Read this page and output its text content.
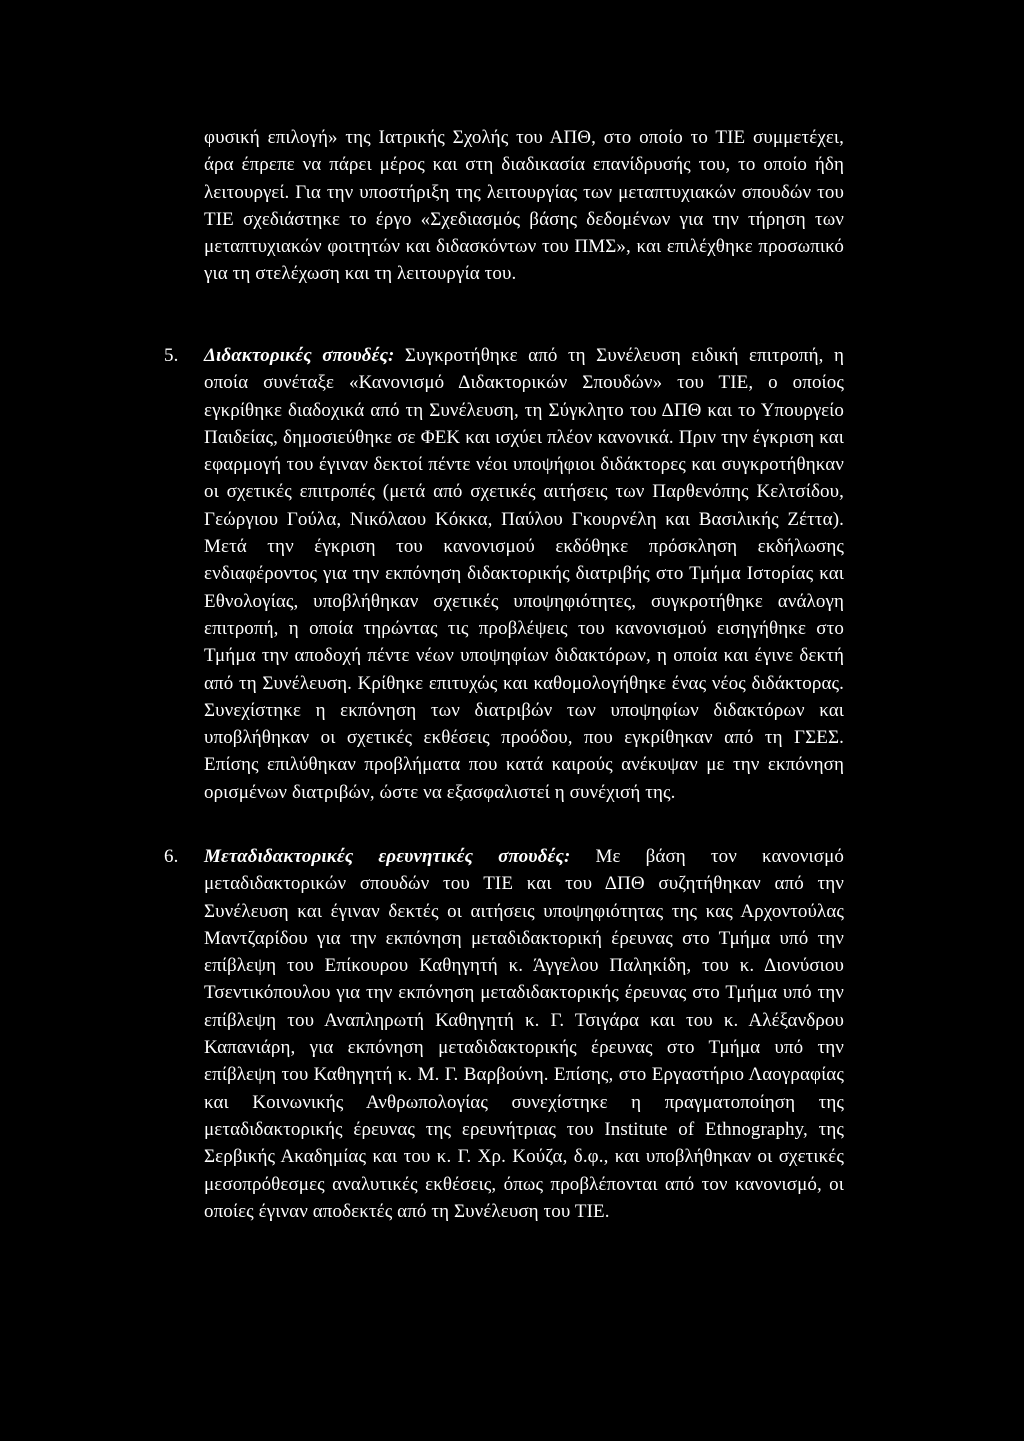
φυσική επιλογή» της Ιατρικής Σχολής του ΑΠΘ, στο οποίο το ΤΙΕ συμμετέχει, άρα έπρεπε να πάρει μέρος και στη διαδικασία επανίδρυσής του, το οποίο ήδη λειτουργεί. Για την υποστήριξη της λειτουργίας των μεταπτυχιακών σπουδών του ΤΙΕ σχεδιάστηκε το έργο «Σχεδιασμός βάσης δεδομένων για την τήρηση των μεταπτυχιακών φοιτητών και διδασκόντων του ΠΜΣ», και επιλέχθηκε προσωπικό για τη στελέχωση και τη λειτουργία του.

5.	Διδακτορικές σπουδές: Συγκροτήθηκε από τη Συνέλευση ειδική επιτροπή, η οποία συνέταξε «Κανονισμό Διδακτορικών Σπουδών» του ΤΙΕ, ο οποίος εγκρίθηκε διαδοχικά από τη Συνέλευση, τη Σύγκλητο του ΔΠΘ και το Υπουργείο Παιδείας, δημοσιεύθηκε σε ΦΕΚ και ισχύει πλέον κανονικά. Πριν την έγκριση και εφαρμογή του έγιναν δεκτοί πέντε νέοι υποψήφιοι διδάκτορες και συγκροτήθηκαν οι σχετικές επιτροπές (μετά από σχετικές αιτήσεις των Παρθενόπης Κελτσίδου, Γεώργιου Γούλα, Νικόλαου Κόκκα, Παύλου Γκουρνέλη και Βασιλικής Ζέττα). Μετά την έγκριση του κανονισμού εκδόθηκε πρόσκληση εκδήλωσης ενδιαφέροντος για την εκπόνηση διδακτορικής διατριβής στο Τμήμα Ιστορίας και Εθνολογίας, υποβλήθηκαν σχετικές υποψηφιότητες, συγκροτήθηκε ανάλογη επιτροπή, η οποία τηρώντας τις προβλέψεις του κανονισμού εισηγήθηκε στο Τμήμα την αποδοχή πέντε νέων υποψηφίων διδακτόρων, η οποία και έγινε δεκτή από τη Συνέλευση. Κρίθηκε επιτυχώς και καθομολογήθηκε ένας νέος διδάκτορας. Συνεχίστηκε η εκπόνηση των διατριβών των υποψηφίων διδακτόρων και υποβλήθηκαν οι σχετικές εκθέσεις προόδου, που εγκρίθηκαν από τη ΓΣΕΣ. Επίσης επιλύθηκαν προβλήματα που κατά καιρούς ανέκυψαν με την εκπόνηση ορισμένων διατριβών, ώστε να εξασφαλιστεί η συνέχισή της.

6.	Μεταδιδακτορικές ερευνητικές σπουδές: Με βάση τον κανονισμό μεταδιδακτορικών σπουδών του ΤΙΕ και του ΔΠΘ συζητήθηκαν από την Συνέλευση και έγιναν δεκτές οι αιτήσεις υποψηφιότητας της κας Αρχοντούλας Μαντζαρίδου για την εκπόνηση μεταδιδακτορική έρευνας στο Τμήμα υπό την επίβλεψη του Επίκουρου Καθηγητή κ. Άγγελου Παληκίδη, του κ. Διονύσιου Τσεντικόπουλου για την εκπόνηση μεταδιδακτορικής έρευνας στο Τμήμα υπό την επίβλεψη του Αναπληρωτή Καθηγητή κ. Γ. Τσιγάρα και του κ. Αλέξανδρου Καπανιάρη, για εκπόνηση μεταδιδακτορικής έρευνας στο Τμήμα υπό την επίβλεψη του Καθηγητή κ. Μ. Γ. Βαρβούνη. Επίσης, στο Εργαστήριο Λαογραφίας και Κοινωνικής Ανθρωπολογίας συνεχίστηκε η πραγματοποίηση της μεταδιδακτορικής έρευνας της ερευνήτριας του Institute of Ethnography, της Σερβικής Ακαδημίας και του κ. Γ. Χρ. Κούζα, δ.φ., και υποβλήθηκαν οι σχετικές μεσοπρόθεσμες αναλυτικές εκθέσεις, όπως προβλέπονται από τον κανονισμό, οι οποίες έγιναν αποδεκτές από τη Συνέλευση του ΤΙΕ.
